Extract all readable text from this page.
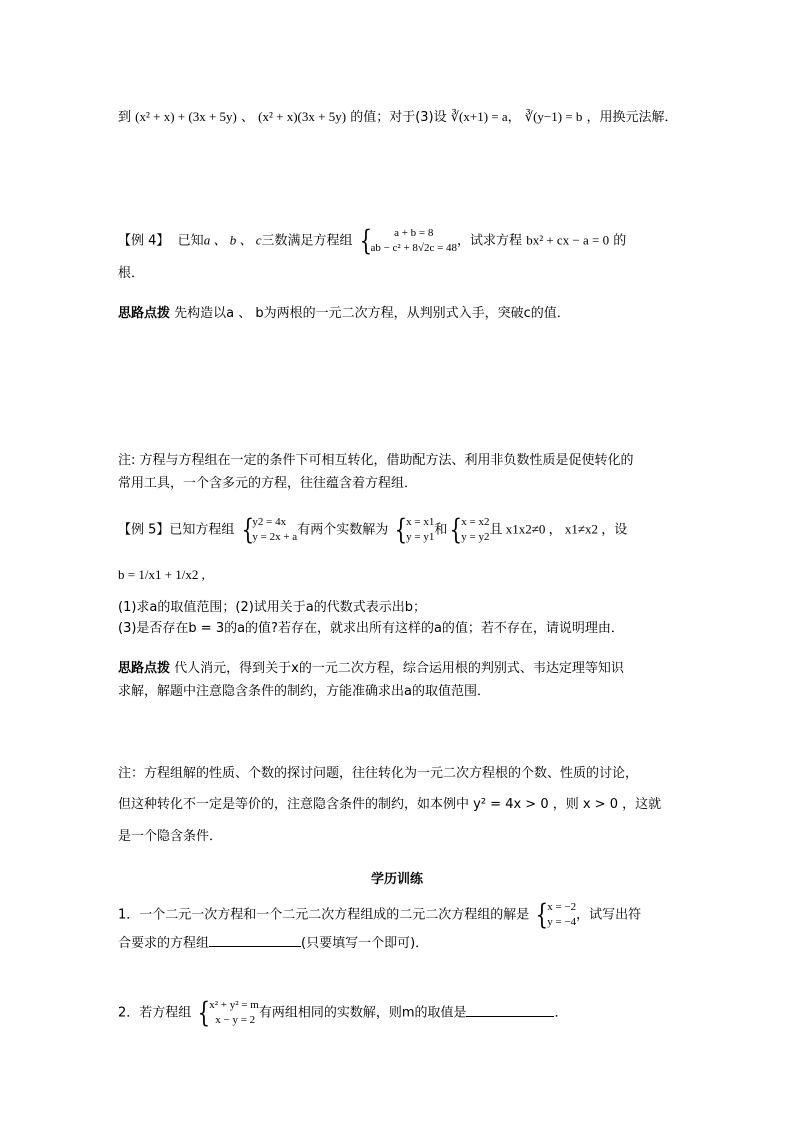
到 (x² + x) + (3x + 5y) 、 (x² + x)(3x + 5y) 的值；对于(3)设 ∛(x+1) = a， ∛(y−1) = b ，用换元法解．
【例 4】 已知a 、 b 、 c三数满足方程组 {	a + b = 8
ab − c² + 8√2c = 48 ，试求方程 bx² + cx − a = 0 的
根．
思路点拨 先构造以a 、 b为两根的一元二次方程，从判别式入手，突破c的值．
注: 方程与方程组在一定的条件下可相互转化，借助配方法、利用非负数性质是促使转化的
常用工具，一个含多元的方程，往往蕴含着方程组．
【例 5】已知方程组 {
y2 = 4x
y = 2x + a 有两个实数解为 {
x = x1
y = y1 和{
x = x2
y = y2
且 x1x2≠0 ， x1≠x2 ，设
b = 1/x1 + 1/x2 ,
(1)求a的取值范围；(2)试用关于a的代数式表示出b；
(3)是否存在b = 3的a的值?若存在，就求出所有这样的a的值；若不存在，请说明理由．
思路点拨 代人消元，得到关于x的一元二次方程，综合运用根的判别式、韦达定理等知识
求解，解题中注意隐含条件的制约，方能准确求出a的取值范围．
注：方程组解的性质、个数的探讨问题，往往转化为一元二次方程根的个数、性质的讨论，
但这种转化不一定是等价的，注意隐含条件的制约，如本例中 y² = 4x > 0 ，则 x > 0 ，这就
是一个隐含条件．
学历训练
1．一个二元一次方程和一个二元二次方程组成的二元二次方程组的解是 {
x = −2
y = −4 ，试写出符
合要求的方程组	(只要填写一个即可)．
2．若方程组 {
x² + y² = m
x − y = 2 有两组相同的实数解，则m的取值是	．
